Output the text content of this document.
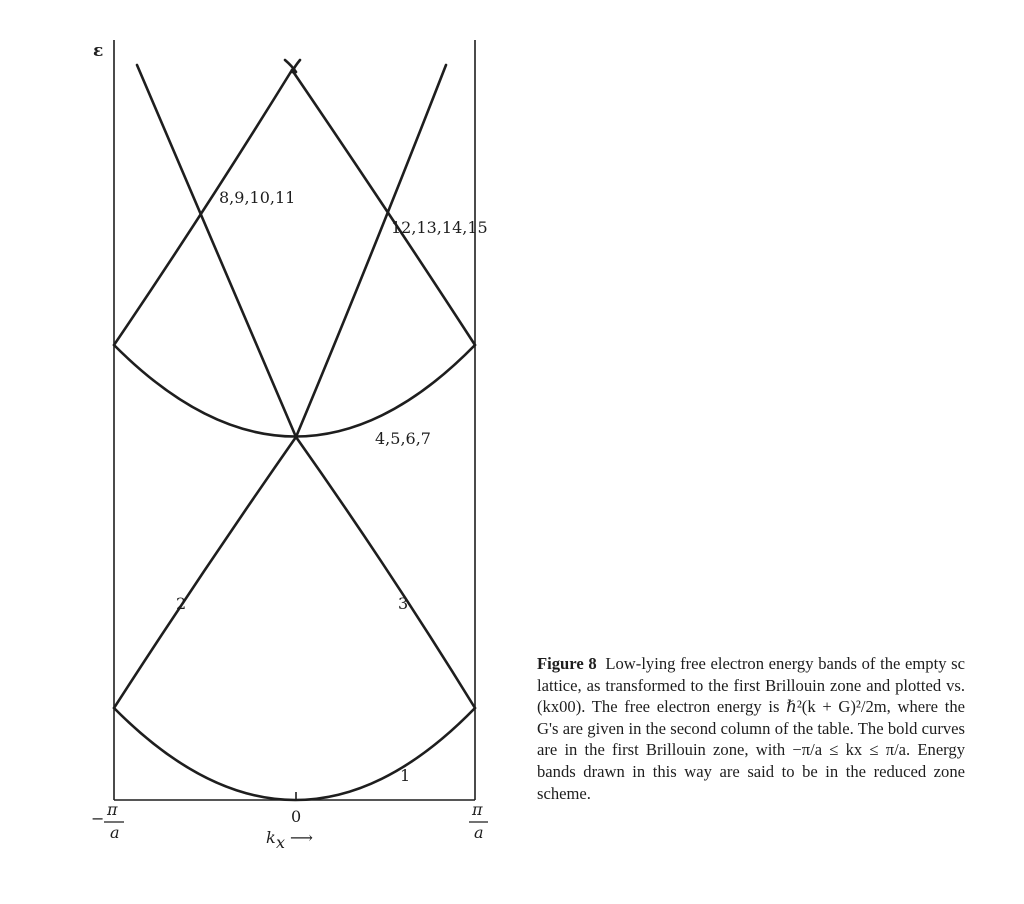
ε
1
2	3
4,5,6,7
8,9,10,11
12,13,14,15
− π
a
0	π
a
k x ⟶
Figure 8 Low-lying free electron energy bands of the empty sc lattice, as transformed to the first Brillouin zone and plotted vs. (kx00). The free electron energy is ℏ²(k + G)²/2m, where the G's are given in the second column of the table. The bold curves are in the first Brillouin zone, with −π/a ≤ kx ≤ π/a. Energy bands drawn in this way are said to be in the reduced zone scheme.
